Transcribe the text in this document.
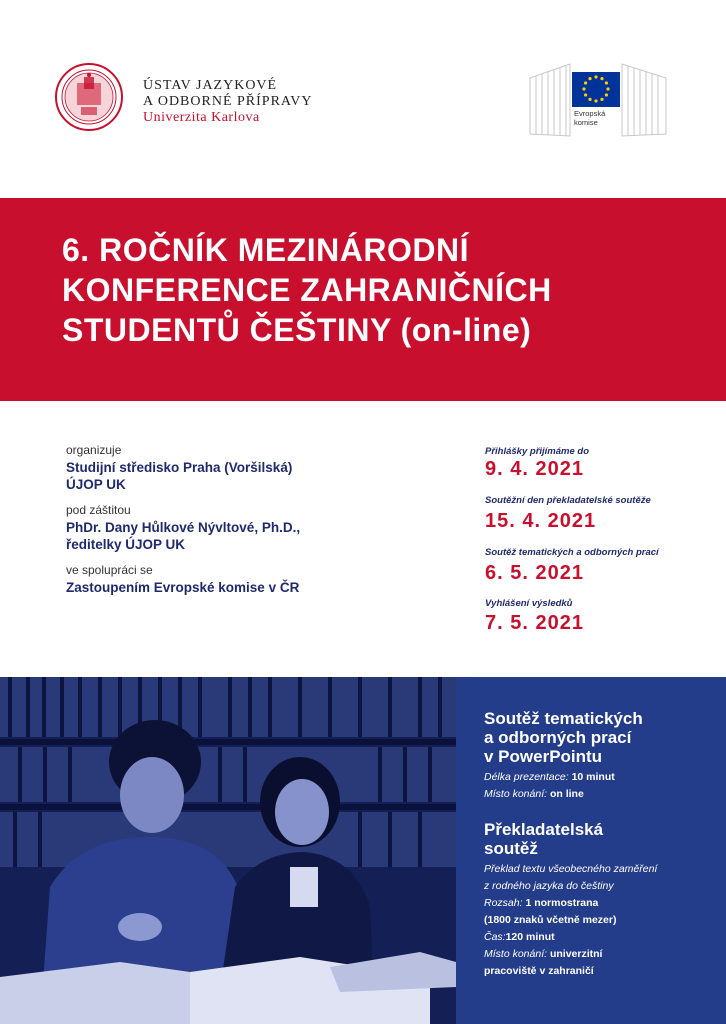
ÚSTAV JAZYKOVÉ
A ODBORNÉ PŘÍPRAVY
Univerzita Karlova	Evropská
komise
6. ROČNÍK MEZINÁRODNÍ
KONFERENCE ZAHRANIČNÍCH
STUDENTŮ ČEŠTINY (on-line)
organizuje
Studijní středisko Praha (Voršilská)
ÚJOP UK
pod záštitou
PhDr. Dany Hůlkové Nývltové, Ph.D.,
ředitelky ÚJOP UK
ve spolupráci se
Zastoupením Evropské komise v ČR
Přihlášky přijímáme do
9. 4. 2021
Soutěžní den překladatelské soutěže
15. 4. 2021
Soutěž tematických a odborných prací
6. 5. 2021
Vyhlášení výsledků
7. 5. 2021
Soutěž tematických
a odborných prací
v PowerPointu
Délka prezentace: 10 minut
Místo konání: on line
Překladatelská
soutěž
Překlad textu všeobecného zaměření
z rodného jazyka do češtiny
Rozsah: 1 normostrana
(1800 znaků včetně mezer)
Čas:120 minut
Místo konání: univerzitní
pracoviště v zahraničí
